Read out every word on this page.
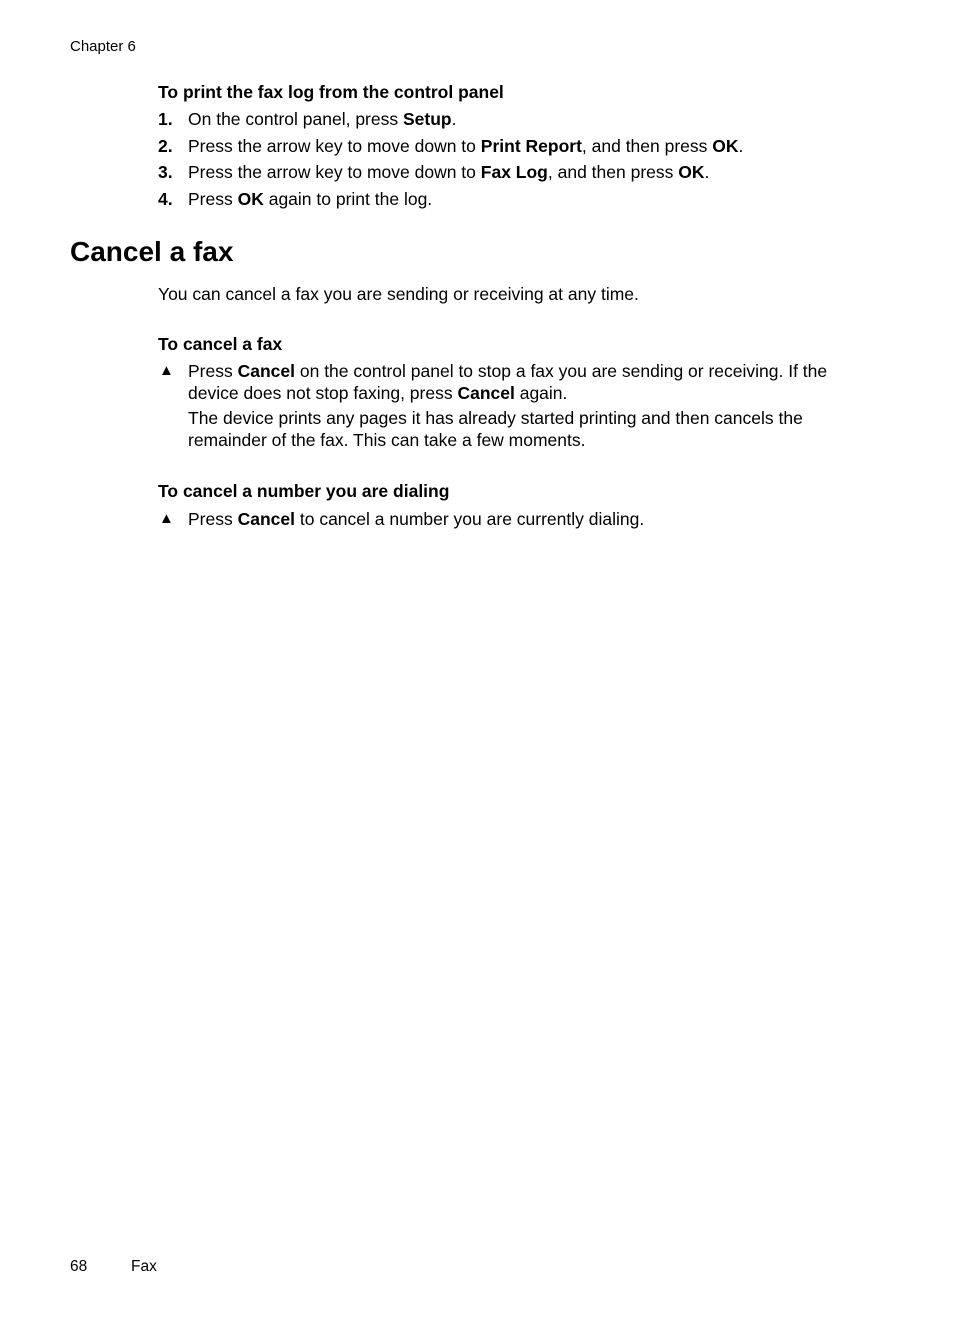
Chapter 6
To print the fax log from the control panel
1. On the control panel, press Setup.
2. Press the arrow key to move down to Print Report, and then press OK.
3. Press the arrow key to move down to Fax Log, and then press OK.
4. Press OK again to print the log.
Cancel a fax
You can cancel a fax you are sending or receiving at any time.
To cancel a fax
▲ Press Cancel on the control panel to stop a fax you are sending or receiving. If the device does not stop faxing, press Cancel again.
The device prints any pages it has already started printing and then cancels the remainder of the fax. This can take a few moments.
To cancel a number you are dialing
▲ Press Cancel to cancel a number you are currently dialing.
68	Fax
